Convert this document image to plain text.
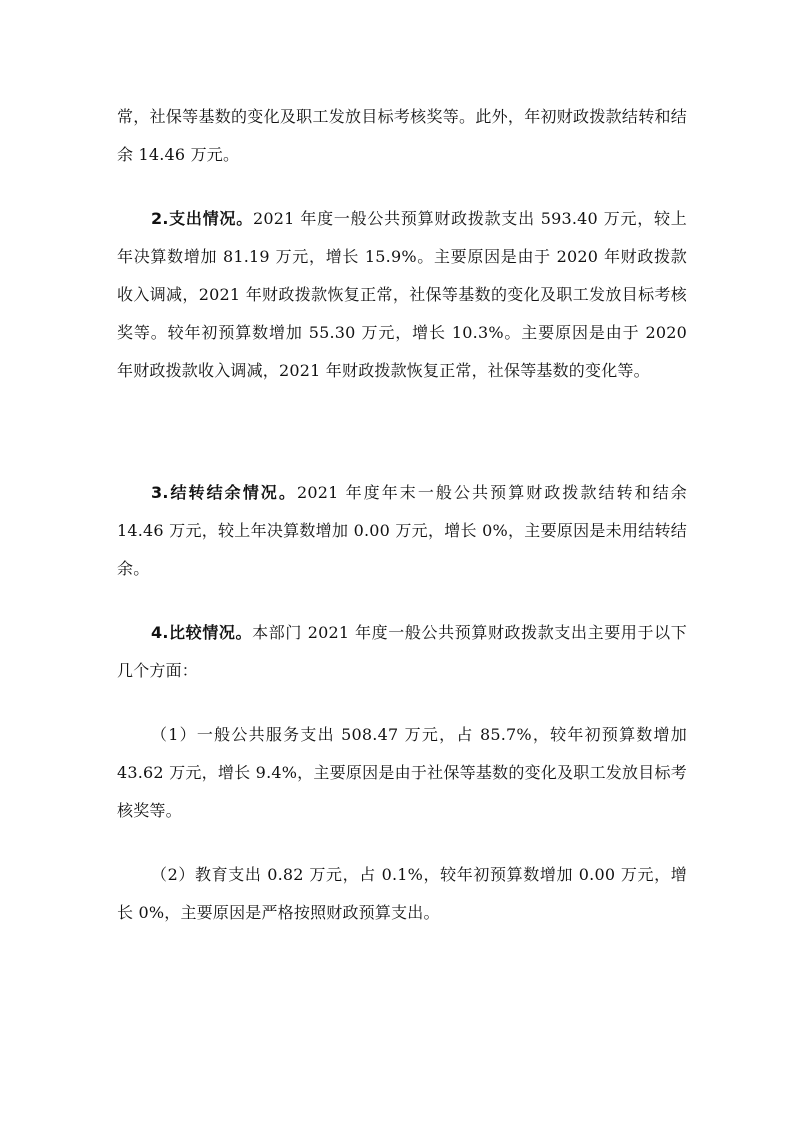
常，社保等基数的变化及职工发放目标考核奖等。此外，年初财政拨款结转和结余 14.46 万元。

2.支出情况。2021 年度一般公共预算财政拨款支出 593.40 万元，较上年决算数增加 81.19 万元，增长 15.9%。主要原因是由于 2020 年财政拨款收入调减，2021 年财政拨款恢复正常，社保等基数的变化及职工发放目标考核奖等。较年初预算数增加 55.30 万元，增长 10.3%。主要原因是由于 2020 年财政拨款收入调减，2021 年财政拨款恢复正常，社保等基数的变化等。

3.结转结余情况。2021 年度年末一般公共预算财政拨款结转和结余 14.46 万元，较上年决算数增加 0.00 万元，增长 0%，主要原因是未用结转结余。

4.比较情况。本部门 2021 年度一般公共预算财政拨款支出主要用于以下几个方面：

（1）一般公共服务支出 508.47 万元，占 85.7%，较年初预算数增加 43.62 万元，增长 9.4%，主要原因是由于社保等基数的变化及职工发放目标考核奖等。

（2）教育支出 0.82 万元，占 0.1%，较年初预算数增加 0.00 万元，增长 0%，主要原因是严格按照财政预算支出。
